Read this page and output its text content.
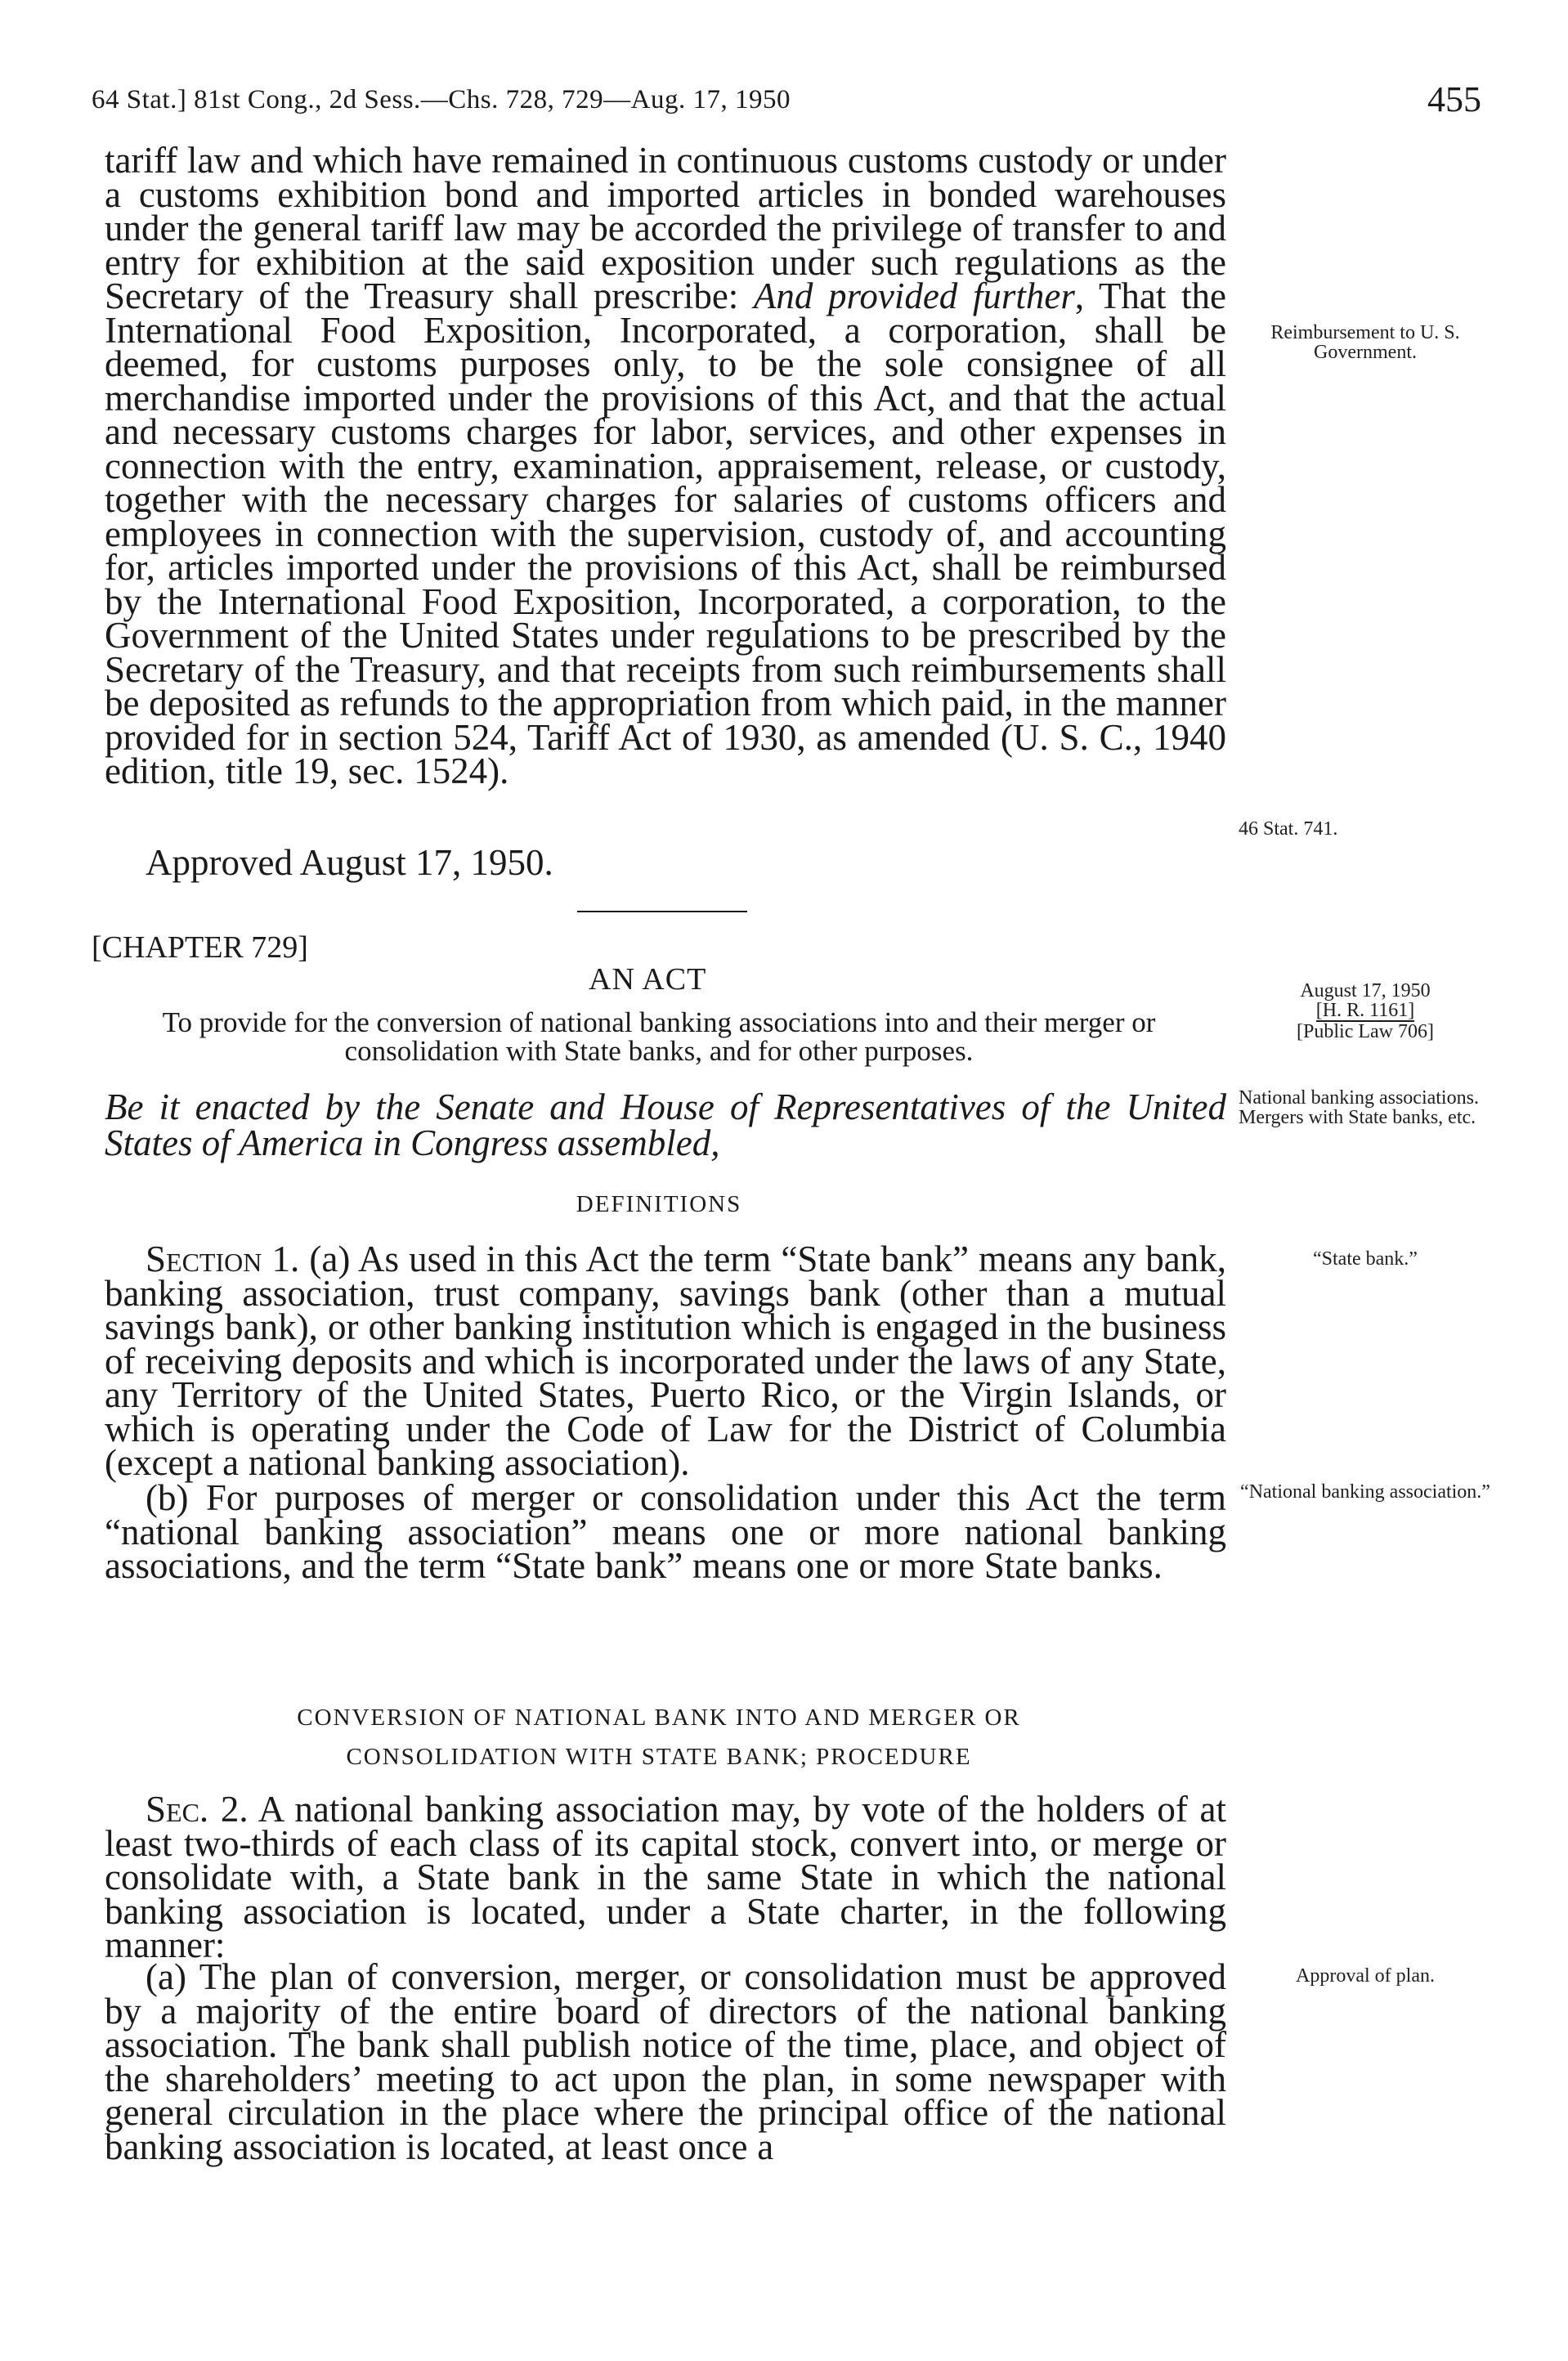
64 Stat.] 81st Cong., 2d Sess.—Chs. 728, 729—Aug. 17, 1950	455

tariff law and which have remained in continuous customs custody or under a customs exhibition bond and imported articles in bonded warehouses under the general tariff law may be accorded the privilege of transfer to and entry for exhibition at the said exposition under such regulations as the Secretary of the Treasury shall prescribe: And provided further, That the International Food Exposition, Incorporated, a corporation, shall be deemed, for customs purposes only, to be the sole consignee of all merchandise imported under the provisions of this Act, and that the actual and necessary customs charges for labor, services, and other expenses in connection with the entry, examination, appraisement, release, or custody, together with the necessary charges for salaries of customs officers and employees in connection with the supervision, custody of, and accounting for, articles imported under the provisions of this Act, shall be reimbursed by the International Food Exposition, Incorporated, a corporation, to the Government of the United States under regulations to be prescribed by the Secretary of the Treasury, and that receipts from such reimbursements shall be deposited as refunds to the appropriation from which paid, in the manner provided for in section 524, Tariff Act of 1930, as amended (U. S. C., 1940 edition, title 19, sec. 1524).

Approved August 17, 1950.
[CHAPTER 729]
AN ACT
To provide for the conversion of national banking associations into and their merger or consolidation with State banks, and for other purposes.
Be it enacted by the Senate and House of Representatives of the United States of America in Congress assembled,
DEFINITIONS

Section 1. (a) As used in this Act the term “State bank” means any bank, banking association, trust company, savings bank (other than a mutual savings bank), or other banking institution which is engaged in the business of receiving deposits and which is incorporated under the laws of any State, any Territory of the United States, Puerto Rico, or the Virgin Islands, or which is operating under the Code of Law for the District of Columbia (except a national banking association).

(b) For purposes of merger or consolidation under this Act the term “national banking association” means one or more national banking associations, and the term “State bank” means one or more State banks.

CONVERSION OF NATIONAL BANK INTO AND MERGER OR
CONSOLIDATION WITH STATE BANK; PROCEDURE

Sec. 2. A national banking association may, by vote of the holders of at least two-thirds of each class of its capital stock, convert into, or merge or consolidate with, a State bank in the same State in which the national banking association is located, under a State charter, in the following manner:

(a) The plan of conversion, merger, or consolidation must be approved by a majority of the entire board of directors of the national banking association. The bank shall publish notice of the time, place, and object of the shareholders’ meeting to act upon the plan, in some newspaper with general circulation in the place where the principal office of the national banking association is located, at least once a

Reimbursement to U. S. Government.
46 Stat. 741.
August 17, 1950
[H. R. 1161]
[Public Law 706]
National banking associations. Mergers with State banks, etc.
“State bank.”
“National banking association.”
Approval of plan.
